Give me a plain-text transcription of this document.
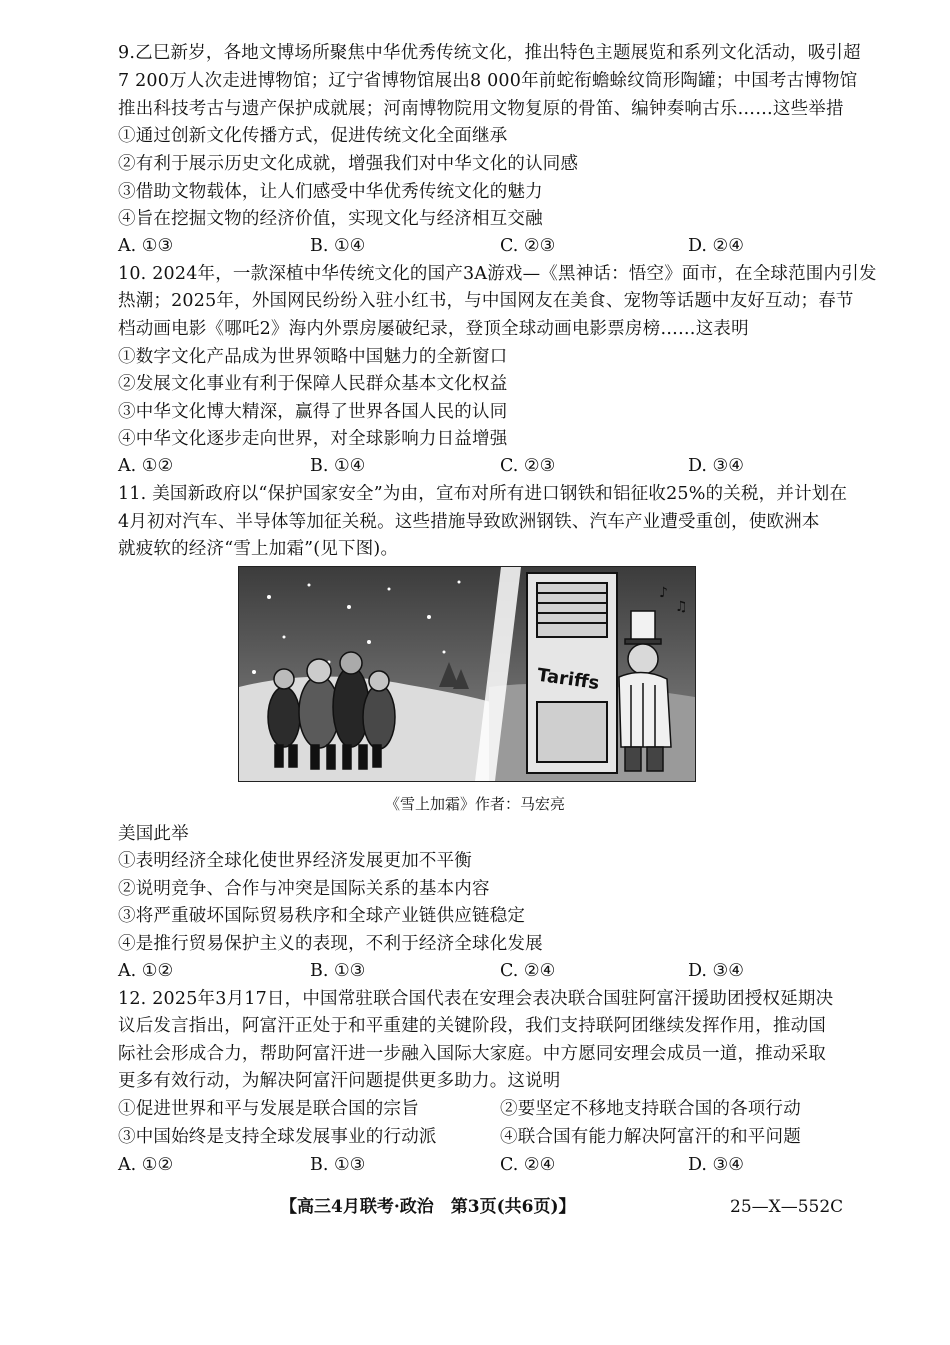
9.乙巳新岁，各地文博场所聚焦中华优秀传统文化，推出特色主题展览和系列文化活动，吸引超
7 200万人次走进博物馆；辽宁省博物馆展出8 000年前蛇衔蟾蜍纹筒形陶罐；中国考古博物馆
推出科技考古与遗产保护成就展；河南博物院用文物复原的骨笛、编钟奏响古乐……这些举措
①通过创新文化传播方式，促进传统文化全面继承
②有利于展示历史文化成就，增强我们对中华文化的认同感
③借助文物载体，让人们感受中华优秀传统文化的魅力
④旨在挖掘文物的经济价值，实现文化与经济相互交融
A. ①③	B. ①④	C. ②③	D. ②④
10. 2024年，一款深植中华传统文化的国产3A游戏—《黑神话：悟空》面市，在全球范围内引发
热潮；2025年，外国网民纷纷入驻小红书，与中国网友在美食、宠物等话题中友好互动；春节
档动画电影《哪吒2》海内外票房屡破纪录，登顶全球动画电影票房榜……这表明
①数字文化产品成为世界领略中国魅力的全新窗口
②发展文化事业有利于保障人民群众基本文化权益
③中华文化博大精深，赢得了世界各国人民的认同
④中华文化逐步走向世界，对全球影响力日益增强
A. ①②	B. ①④	C. ②③	D. ③④
11. 美国新政府以“保护国家安全”为由，宣布对所有进口钢铁和铝征收25%的关税，并计划在
4月初对汽车、半导体等加征关税。这些措施导致欧洲钢铁、汽车产业遭受重创，使欧洲本
就疲软的经济“雪上加霜”(见下图)。
Tariffs
♪
♫
《雪上加霜》作者：马宏亮
美国此举
①表明经济全球化使世界经济发展更加不平衡
②说明竞争、合作与冲突是国际关系的基本内容
③将严重破坏国际贸易秩序和全球产业链供应链稳定
④是推行贸易保护主义的表现，不利于经济全球化发展
A. ①②	B. ①③	C. ②④	D. ③④
12. 2025年3月17日，中国常驻联合国代表在安理会表决联合国驻阿富汗援助团授权延期决
议后发言指出，阿富汗正处于和平重建的关键阶段，我们支持联阿团继续发挥作用，推动国
际社会形成合力，帮助阿富汗进一步融入国际大家庭。中方愿同安理会成员一道，推动采取
更多有效行动，为解决阿富汗问题提供更多助力。这说明
①促进世界和平与发展是联合国的宗旨	②要坚定不移地支持联合国的各项行动
③中国始终是支持全球发展事业的行动派	④联合国有能力解决阿富汗的和平问题
A. ①②	B. ①③	C. ②④	D. ③④
【高三4月联考·政治　第3页(共6页)】	25—X—552C
